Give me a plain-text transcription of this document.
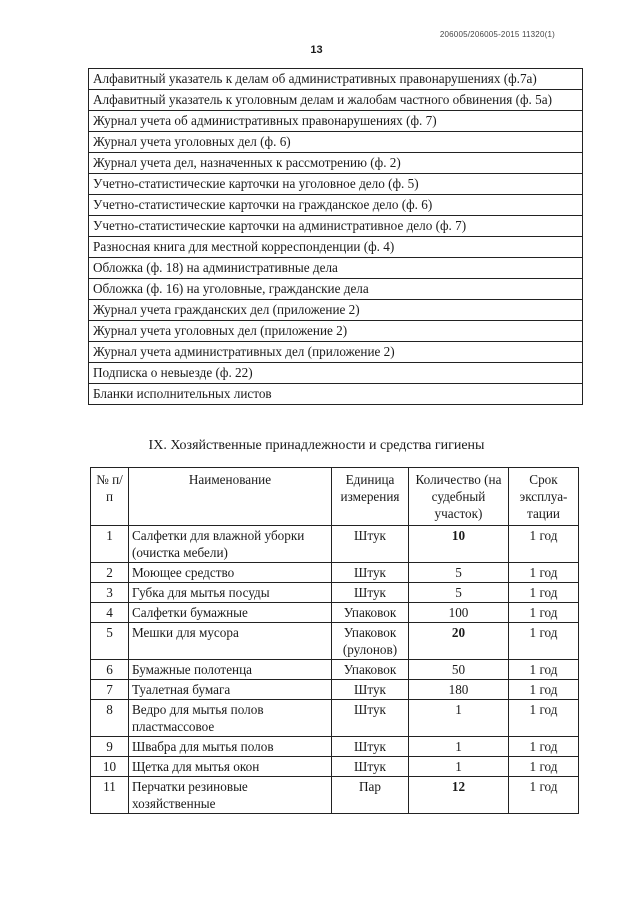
206005/206005-2015 11320(1)
13
Алфавитный указатель к делам об административных правонарушениях (ф.7а)
Алфавитный указатель к уголовным делам и жалобам частного обвинения (ф. 5а)
Журнал учета об административных правонарушениях (ф. 7)
Журнал учета уголовных дел (ф. 6)
Журнал учета дел, назначенных к рассмотрению (ф. 2)
Учетно-статистические карточки на уголовное дело (ф. 5)
Учетно-статистические карточки на гражданское дело (ф. 6)
Учетно-статистические карточки на административное дело (ф. 7)
Разносная книга для местной корреспонденции (ф. 4)
Обложка (ф. 18) на административные дела
Обложка (ф. 16) на уголовные, гражданские дела
Журнал учета гражданских дел (приложение 2)
Журнал учета уголовных дел (приложение 2)
Журнал учета административных дел (приложение 2)
Подписка о невыезде (ф. 22)
Бланки исполнительных листов
IX. Хозяйственные принадлежности и средства гигиены
№ п/п	Наименование	Единица измерения	Количество (на судебный участок)	Срок эксплуа-тации
1	Салфетки для влажной уборки (очистка мебели)	Штук	10	1 год
2	Моющее средство	Штук	5	1 год
3	Губка для мытья посуды	Штук	5	1 год
4	Салфетки бумажные	Упаковок	100	1 год
5	Мешки для мусора	Упаковок (рулонов)	20	1 год
6	Бумажные полотенца	Упаковок	50	1 год
7	Туалетная бумага	Штук	180	1 год
8	Ведро для мытья полов пластмассовое	Штук	1	1 год
9	Швабра для мытья полов	Штук	1	1 год
10	Щетка для мытья окон	Штук	1	1 год
11	Перчатки резиновые хозяйственные	Пар	12	1 год
